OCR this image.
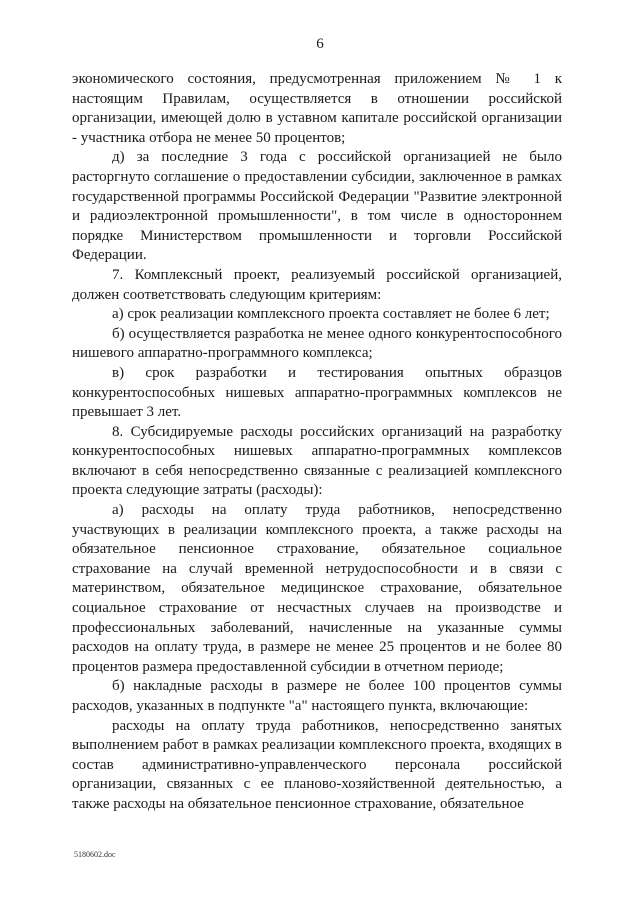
6

экономического состояния, предусмотренная приложением № 1 к настоящим Правилам, осуществляется в отношении российской организации, имеющей долю в уставном капитале российской организации - участника отбора не менее 50 процентов;

д) за последние 3 года с российской организацией не было расторгнуто соглашение о предоставлении субсидии, заключенное в рамках государственной программы Российской Федерации "Развитие электронной и радиоэлектронной промышленности", в том числе в одностороннем порядке Министерством промышленности и торговли Российской Федерации.

7. Комплексный проект, реализуемый российской организацией, должен соответствовать следующим критериям:

а) срок реализации комплексного проекта составляет не более 6 лет;

б) осуществляется разработка не менее одного конкурентоспособного нишевого аппаратно-программного комплекса;

в) срок разработки и тестирования опытных образцов конкурентоспособных нишевых аппаратно-программных комплексов не превышает 3 лет.

8. Субсидируемые расходы российских организаций на разработку конкурентоспособных нишевых аппаратно-программных комплексов включают в себя непосредственно связанные с реализацией комплексного проекта следующие затраты (расходы):

а) расходы на оплату труда работников, непосредственно участвующих в реализации комплексного проекта, а также расходы на обязательное пенсионное страхование, обязательное социальное страхование на случай временной нетрудоспособности и в связи с материнством, обязательное медицинское страхование, обязательное социальное страхование от несчастных случаев на производстве и профессиональных заболеваний, начисленные на указанные суммы расходов на оплату труда, в размере не менее 25 процентов и не более 80 процентов размера предоставленной субсидии в отчетном периоде;

б) накладные расходы в размере не более 100 процентов суммы расходов, указанных в подпункте "а" настоящего пункта, включающие:

расходы на оплату труда работников, непосредственно занятых выполнением работ в рамках реализации комплексного проекта, входящих в состав административно-управленческого персонала российской организации, связанных с ее планово-хозяйственной деятельностью, а также расходы на обязательное пенсионное страхование, обязательное

5180602.doc
